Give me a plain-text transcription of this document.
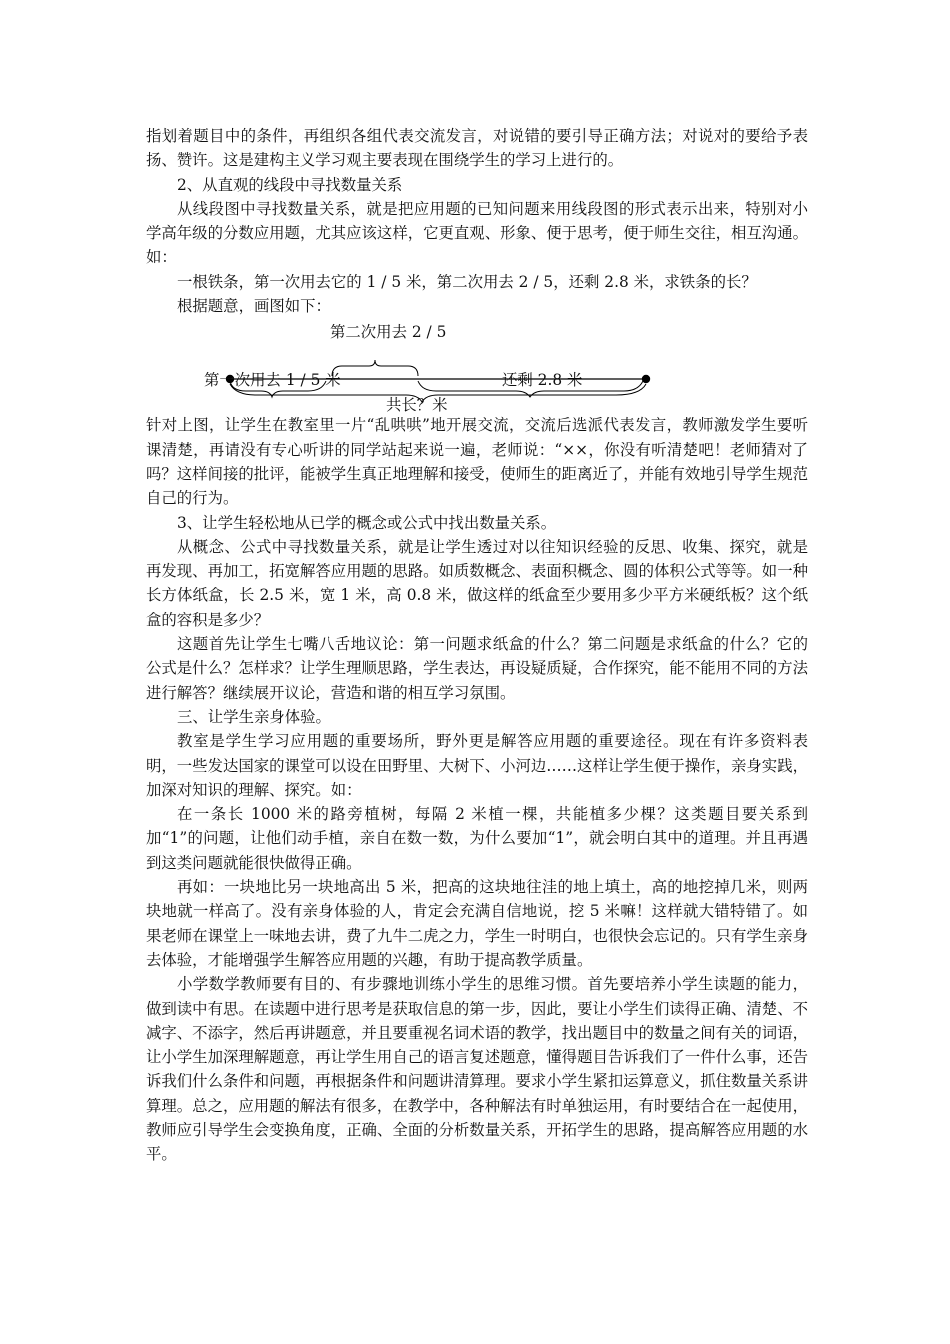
指划着题目中的条件，再组织各组代表交流发言，对说错的要引导正确方法；对说对的要给予表扬、赞许。这是建构主义学习观主要表现在围绕学生的学习上进行的。

2、从直观的线段中寻找数量关系

从线段图中寻找数量关系，就是把应用题的已知问题来用线段图的形式表示出来，特别对小学高年级的分数应用题，尤其应该这样，它更直观、形象、便于思考，便于师生交往，相互沟通。如：

一根铁条，第一次用去它的 1 / 5 米，第二次用去 2 / 5，还剩 2.8 米，求铁条的长？

根据题意，画图如下：

第二次用去 2 / 5
第一次用去 1 / 5 米	还剩 2.8 米
共长？米

针对上图，让学生在教室里一片“乱哄哄”地开展交流，交流后选派代表发言，教师激发学生要听课清楚，再请没有专心听讲的同学站起来说一遍，老师说：“××，你没有听清楚吧！老师猜对了吗？这样间接的批评，能被学生真正地理解和接受，使师生的距离近了，并能有效地引导学生规范自己的行为。

3、让学生轻松地从已学的概念或公式中找出数量关系。

从概念、公式中寻找数量关系，就是让学生透过对以往知识经验的反思、收集、探究，就是再发现、再加工，拓宽解答应用题的思路。如质数概念、表面积概念、圆的体积公式等等。如一种长方体纸盒，长 2.5 米，宽 1 米，高 0.8 米，做这样的纸盒至少要用多少平方米硬纸板？这个纸盒的容积是多少？

这题首先让学生七嘴八舌地议论：第一问题求纸盒的什么？第二问题是求纸盒的什么？它的公式是什么？怎样求？让学生理顺思路，学生表达，再设疑质疑，合作探究，能不能用不同的方法进行解答？继续展开议论，营造和谐的相互学习氛围。

三、让学生亲身体验。

教室是学生学习应用题的重要场所，野外更是解答应用题的重要途径。现在有许多资料表明，一些发达国家的课堂可以设在田野里、大树下、小河边……这样让学生便于操作，亲身实践，加深对知识的理解、探究。如：

在一条长 1000 米的路旁植树，每隔 2 米植一棵，共能植多少棵？这类题目要关系到加“1”的问题，让他们动手植，亲自在数一数，为什么要加“1”，就会明白其中的道理。并且再遇到这类问题就能很快做得正确。

再如：一块地比另一块地高出 5 米，把高的这块地往洼的地上填土，高的地挖掉几米，则两块地就一样高了。没有亲身体验的人，肯定会充满自信地说，挖 5 米嘛！这样就大错特错了。如果老师在课堂上一味地去讲，费了九牛二虎之力，学生一时明白，也很快会忘记的。只有学生亲身去体验，才能增强学生解答应用题的兴趣，有助于提高教学质量。

小学数学教师要有目的、有步骤地训练小学生的思维习惯。首先要培养小学生读题的能力，做到读中有思。在读题中进行思考是获取信息的第一步，因此，要让小学生们读得正确、清楚、不减字、不添字，然后再讲题意，并且要重视名词术语的教学，找出题目中的数量之间有关的词语，让小学生加深理解题意，再让学生用自己的语言复述题意，懂得题目告诉我们了一件什么事，还告诉我们什么条件和问题，再根据条件和问题讲清算理。要求小学生紧扣运算意义，抓住数量关系讲算理。总之，应用题的解法有很多，在教学中，各种解法有时单独运用，有时要结合在一起使用，教师应引导学生会变换角度，正确、全面的分析数量关系，开拓学生的思路，提高解答应用题的水平。
